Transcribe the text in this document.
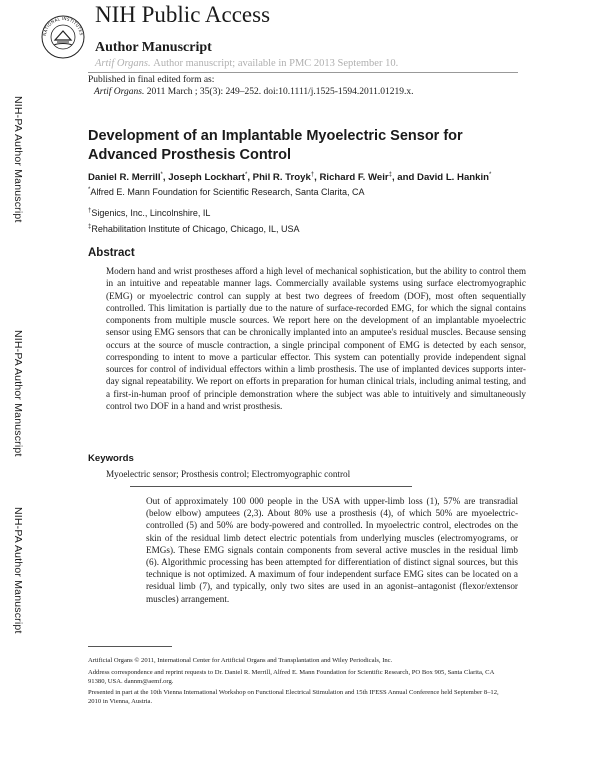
NATIONAL INSTITUTES
NIH Public Access
Author Manuscript
Artif Organs. Author manuscript; available in PMC 2013 September 10.
Published in final edited form as:
Artif Organs. 2011 March ; 35(3): 249–252. doi:10.1111/j.1525-1594.2011.01219.x.
NIH-PA Author Manuscript
NIH-PA Author Manuscript
NIH-PA Author Manuscript
Development of an Implantable Myoelectric Sensor for Advanced Prosthesis Control
Daniel R. Merrill*, Joseph Lockhart*, Phil R. Troyk†, Richard F. Weir‡, and David L. Hankin*
*Alfred E. Mann Foundation for Scientific Research, Santa Clarita, CA
†Sigenics, Inc., Lincolnshire, IL
‡Rehabilitation Institute of Chicago, Chicago, IL, USA
Abstract
Modern hand and wrist prostheses afford a high level of mechanical sophistication, but the ability to control them in an intuitive and repeatable manner lags. Commercially available systems using surface electromyographic (EMG) or myoelectric control can supply at best two degrees of freedom (DOF), most often sequentially controlled. This limitation is partially due to the nature of surface-recorded EMG, for which the signal contains components from multiple muscle sources. We report here on the development of an implantable myoelectric sensor using EMG sensors that can be chronically implanted into an amputee's residual muscles. Because sensing occurs at the source of muscle contraction, a single principal component of EMG is detected by each sensor, corresponding to intent to move a particular effector. This system can potentially provide independent signal sources for control of individual effectors within a limb prosthesis. The use of implanted devices supports inter-day signal repeatability. We report on efforts in preparation for human clinical trials, including animal testing, and a first-in-human proof of principle demonstration where the subject was able to intuitively and simultaneously control two DOF in a hand and wrist prosthesis.
Keywords
Myoelectric sensor; Prosthesis control; Electromyographic control
Out of approximately 100 000 people in the USA with upper-limb loss (1), 57% are transradial (below elbow) amputees (2,3). About 80% use a prosthesis (4), of which 50% are myoelectric-controlled (5) and 50% are body-powered and controlled. In myoelectric control, electrodes on the skin of the residual limb detect electric potentials from underlying muscles (electromyograms, or EMGs). These EMG signals contain components from several active muscles in the residual limb (6). Algorithmic processing has been attempted for differentiation of distinct signal sources, but this technique is not optimized. A maximum of four independent surface EMG sites can be located on a residual limb (7), and typically, only two sites are used in an agonist–antagonist (flexor/extensor muscles) arrangement.
Artificial Organs © 2011, International Center for Artificial Organs and Transplantation and Wiley Periodicals, Inc.
Address correspondence and reprint requests to Dr. Daniel R. Merrill, Alfred E. Mann Foundation for Scientific Research, PO Box 905, Santa Clarita, CA 91380, USA. dannm@aemf.org.
Presented in part at the 10th Vienna International Workshop on Functional Electrical Stimulation and 15th IFESS Annual Conference held September 8–12, 2010 in Vienna, Austria.
